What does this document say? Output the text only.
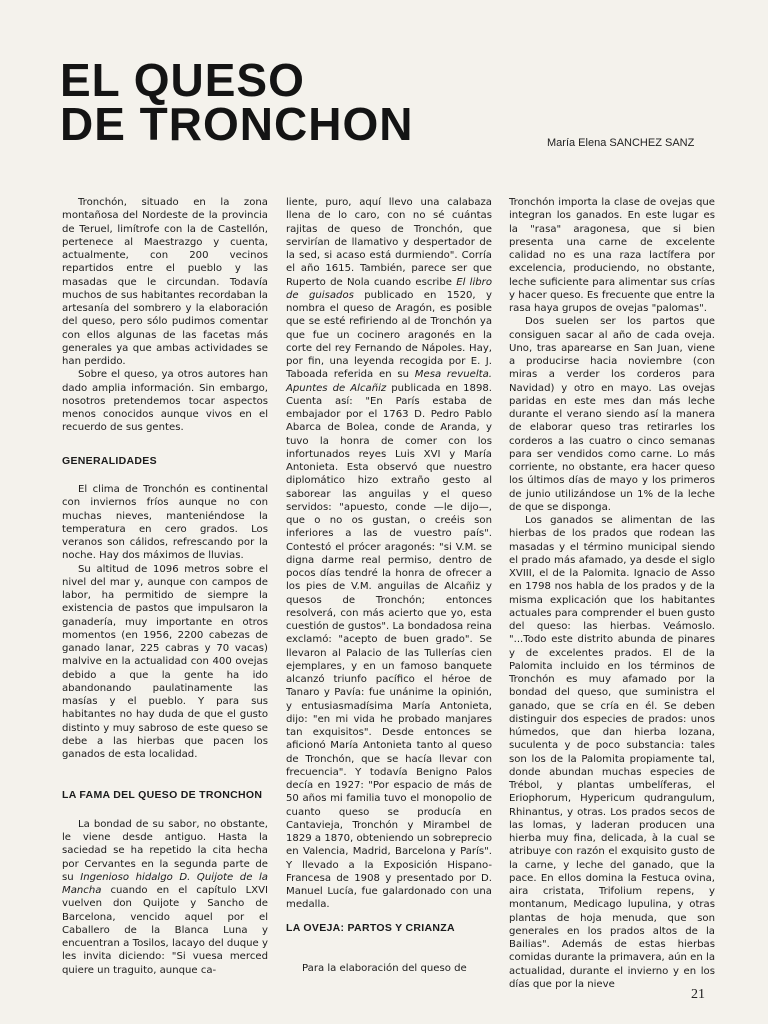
EL QUESO
DE TRONCHON	María Elena SANCHEZ SANZ

Tronchón, situado en la zona montañosa del Nordeste de la provincia de Teruel, limítrofe con la de Castellón, pertenece al Maestrazgo y cuenta, actualmente, con 200 vecinos repartidos entre el pueblo y las masadas que le circundan. Todavía muchos de sus habitantes recordaban la artesanía del sombrero y la elaboración del queso, pero sólo pudimos comentar con ellos algunas de las facetas más generales ya que ambas actividades se han perdido.

Sobre el queso, ya otros autores han dado amplia información. Sin embargo, nosotros pretendemos tocar aspectos menos conocidos aunque vivos en el recuerdo de sus gentes.

GENERALIDADES

El clima de Tronchón es continental con inviernos fríos aunque no con muchas nieves, manteniéndose la temperatura en cero grados. Los veranos son cálidos, refrescando por la noche. Hay dos máximos de lluvias.

Su altitud de 1096 metros sobre el nivel del mar y, aunque con campos de labor, ha permitido de siempre la existencia de pastos que impulsaron la ganadería, muy importante en otros momentos (en 1956, 2200 cabezas de ganado lanar, 225 cabras y 70 vacas) malvive en la actualidad con 400 ovejas debido a que la gente ha ido abandonando paulatinamente las masías y el pueblo. Y para sus habitantes no hay duda de que el gusto distinto y muy sabroso de este queso se debe a las hierbas que pacen los ganados de esta localidad.

LA FAMA DEL QUESO DE TRONCHON

La bondad de su sabor, no obstante, le viene desde antiguo. Hasta la saciedad se ha repetido la cita hecha por Cervantes en la segunda parte de su Ingenioso hidalgo D. Quijote de la Mancha cuando en el capítulo LXVI vuelven don Quijote y Sancho de Barcelona, vencido aquel por el Caballero de la Blanca Luna y encuentran a Tosilos, lacayo del duque y les invita diciendo: "Si vuesa merced quiere un traguito, aunque ca-

liente, puro, aquí llevo una calabaza llena de lo caro, con no sé cuántas rajitas de queso de Tronchón, que servirían de llamativo y despertador de la sed, si acaso está durmiendo". Corría el año 1615. También, parece ser que Ruperto de Nola cuando escribe El libro de guisados publicado en 1520, y nombra el queso de Aragón, es posible que se esté refiriendo al de Tronchón ya que fue un cocinero aragonés en la corte del rey Fernando de Nápoles. Hay, por fin, una leyenda recogida por E. J. Taboada referida en su Mesa revuelta. Apuntes de Alcañiz publicada en 1898. Cuenta así: "En París estaba de embajador por el 1763 D. Pedro Pablo Abarca de Bolea, conde de Aranda, y tuvo la honra de comer con los infortunados reyes Luis XVI y María Antonieta. Esta observó que nuestro diplomático hizo extraño gesto al saborear las anguilas y el queso servidos: "apuesto, conde —le dijo—, que o no os gustan, o creéis son inferiores a las de vuestro país". Contestó el prócer aragonés: "si V.M. se digna darme real permiso, dentro de pocos días tendré la honra de ofrecer a los pies de V.M. anguilas de Alcañiz y quesos de Tronchón; entonces resolverá, con más acierto que yo, esta cuestión de gustos". La bondadosa reina exclamó: "acepto de buen grado". Se llevaron al Palacio de las Tullerías cien ejemplares, y en un famoso banquete alcanzó triunfo pacífico el héroe de Tanaro y Pavía: fue unánime la opinión, y entusiasmadísima María Antonieta, dijo: "en mi vida he probado manjares tan exquisitos". Desde entonces se aficionó María Antonieta tanto al queso de Tronchón, que se hacía llevar con frecuencia". Y todavía Benigno Palos decía en 1927: "Por espacio de más de 50 años mi familia tuvo el monopolio de cuanto queso se producía en Cantavieja, Tronchón y Mirambel de 1829 a 1870, obteniendo un sobreprecio en Valencia, Madrid, Barcelona y París". Y llevado a la Exposición Hispano-Francesa de 1908 y presentado por D. Manuel Lucía, fue galardonado con una medalla.

LA OVEJA: PARTOS Y CRIANZA

Para la elaboración del queso de

Tronchón importa la clase de ovejas que integran los ganados. En este lugar es la "rasa" aragonesa, que si bien presenta una carne de excelente calidad no es una raza lactífera por excelencia, produciendo, no obstante, leche suficiente para alimentar sus crías y hacer queso. Es frecuente que entre la rasa haya grupos de ovejas "palomas".

Dos suelen ser los partos que consiguen sacar al año de cada oveja. Uno, tras aparearse en San Juan, viene a producirse hacia noviembre (con miras a verder los corderos para Navidad) y otro en mayo. Las ovejas paridas en este mes dan más leche durante el verano siendo así la manera de elaborar queso tras retirarles los corderos a las cuatro o cinco semanas para ser vendidos como carne. Lo más corriente, no obstante, era hacer queso los últimos días de mayo y los primeros de junio utilizándose un 1% de la leche de que se disponga.

Los ganados se alimentan de las hierbas de los prados que rodean las masadas y el término municipal siendo el prado más afamado, ya desde el siglo XVIII, el de la Palomita. Ignacio de Asso en 1798 nos habla de los prados y de la misma explicación que los habitantes actuales para comprender el buen gusto del queso: las hierbas. Veámoslo. "...Todo este distrito abunda de pinares y de excelentes prados. El de la Palomita incluido en los términos de Tronchón es muy afamado por la bondad del queso, que suministra el ganado, que se cría en él. Se deben distinguir dos especies de prados: unos húmedos, que dan hierba lozana, suculenta y de poco substancia: tales son los de la Palomita propiamente tal, donde abundan muchas especies de Trébol, y plantas umbelíferas, el Eriophorum, Hypericum qudrangulum, Rhinantus, y otras. Los prados secos de las lomas, y laderan producen una hierba muy fina, delicada, à la cual se atribuye con razón el exquisito gusto de la carne, y leche del ganado, que la pace. En ellos domina la Festuca ovina, aira cristata, Trifolium repens, y montanum, Medicago lupulina, y otras plantas de hoja menuda, que son generales en los prados altos de la Bailias". Además de estas hierbas comidas durante la primavera, aún en la actualidad, durante el invierno y en los días que por la nieve

21
